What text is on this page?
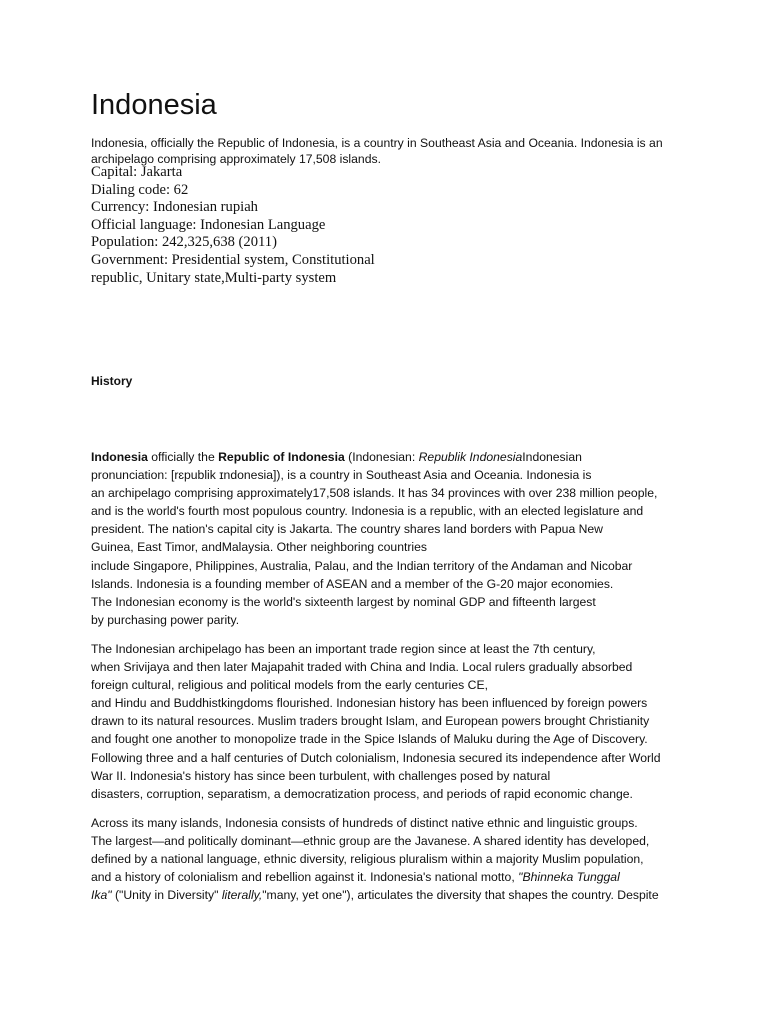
Indonesia

Indonesia, officially the Republic of Indonesia, is a country in Southeast Asia and Oceania. Indonesia is an archipelago comprising approximately 17,508 islands.

Capital: Jakarta
Dialing code: 62
Currency: Indonesian rupiah
Official language: Indonesian Language
Population: 242,325,638 (2011)
Government: Presidential system, Constitutional
republic, Unitary state,Multi-party system
History

Indonesia officially the Republic of Indonesia (Indonesian: Republik IndonesiaIndonesian
pronunciation: [rɛpublik ɪndonesia]), is a country in Southeast Asia and Oceania. Indonesia is
an archipelago comprising approximately17,508 islands. It has 34 provinces with over 238 million people,
and is the world's fourth most populous country. Indonesia is a republic, with an elected legislature and
president. The nation's capital city is Jakarta. The country shares land borders with Papua New
Guinea, East Timor, andMalaysia. Other neighboring countries
include Singapore, Philippines, Australia, Palau, and the Indian territory of the Andaman and Nicobar
Islands. Indonesia is a founding member of ASEAN and a member of the G-20 major economies.
The Indonesian economy is the world's sixteenth largest by nominal GDP and fifteenth largest
by purchasing power parity.

The Indonesian archipelago has been an important trade region since at least the 7th century,
when Srivijaya and then later Majapahit traded with China and India. Local rulers gradually absorbed
foreign cultural, religious and political models from the early centuries CE,
and Hindu and Buddhistkingdoms flourished. Indonesian history has been influenced by foreign powers
drawn to its natural resources. Muslim traders brought Islam, and European powers brought Christianity
and fought one another to monopolize trade in the Spice Islands of Maluku during the Age of Discovery.
Following three and a half centuries of Dutch colonialism, Indonesia secured its independence after World
War II. Indonesia's history has since been turbulent, with challenges posed by natural
disasters, corruption, separatism, a democratization process, and periods of rapid economic change.

Across its many islands, Indonesia consists of hundreds of distinct native ethnic and linguistic groups.
The largest—and politically dominant—ethnic group are the Javanese. A shared identity has developed,
defined by a national language, ethnic diversity, religious pluralism within a majority Muslim population,
and a history of colonialism and rebellion against it. Indonesia's national motto, "Bhinneka Tunggal
Ika" ("Unity in Diversity" literally,"many, yet one"), articulates the diversity that shapes the country. Despite
